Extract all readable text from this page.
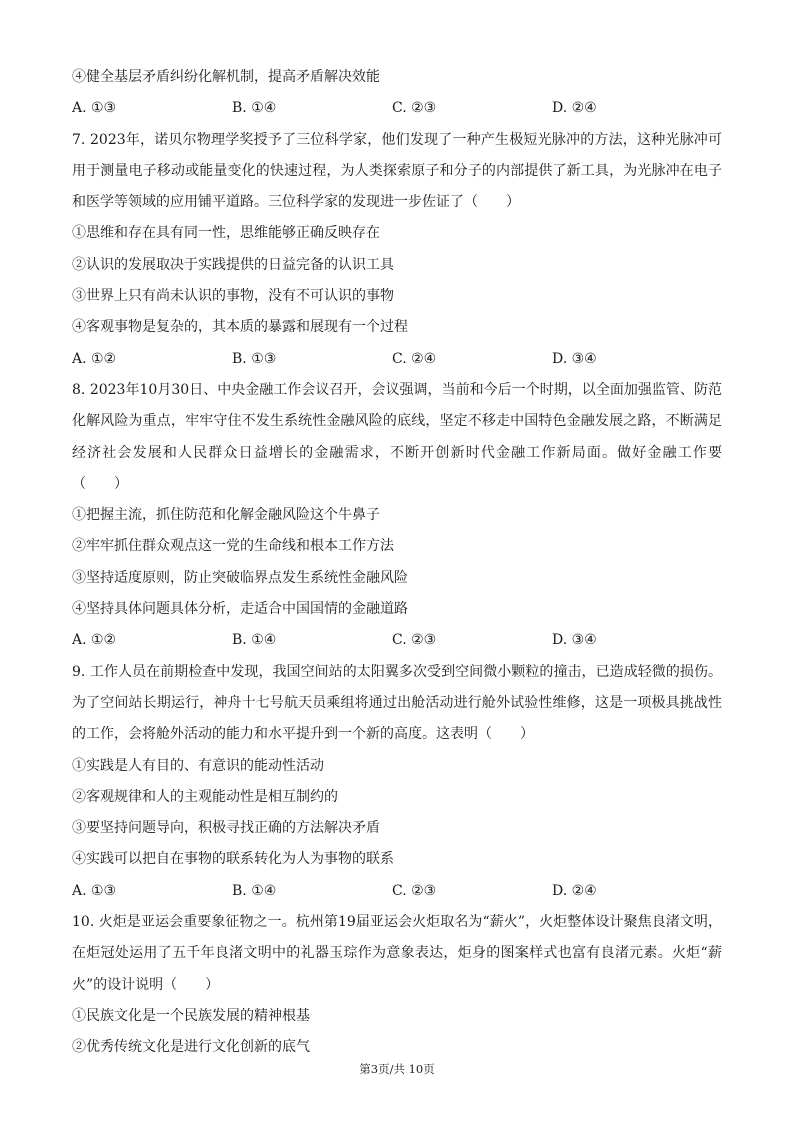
④健全基层矛盾纠纷化解机制，提高矛盾解决效能
A. ①③	B. ①④	C. ②③	D. ②④
7. 2023年，诺贝尔物理学奖授予了三位科学家，他们发现了一种产生极短光脉冲的方法，这种光脉冲可用于测量电子移动或能量变化的快速过程，为人类探索原子和分子的内部提供了新工具，为光脉冲在电子和医学等领域的应用铺平道路。三位科学家的发现进一步佐证了（　　）
①思维和存在具有同一性，思维能够正确反映存在
②认识的发展取决于实践提供的日益完备的认识工具
③世界上只有尚未认识的事物，没有不可认识的事物
④客观事物是复杂的，其本质的暴露和展现有一个过程
A. ①②	B. ①③	C. ②④	D. ③④
8. 2023年10月30日、中央金融工作会议召开，会议强调，当前和今后一个时期，以全面加强监管、防范化解风险为重点，牢牢守住不发生系统性金融风险的底线，坚定不移走中国特色金融发展之路，不断满足经济社会发展和人民群众日益增长的金融需求，不断开创新时代金融工作新局面。做好金融工作要（　　）
①把握主流，抓住防范和化解金融风险这个牛鼻子
②牢牢抓住群众观点这一党的生命线和根本工作方法
③坚持适度原则，防止突破临界点发生系统性金融风险
④坚持具体问题具体分析，走适合中国国情的金融道路
A. ①②	B. ①④	C. ②③	D. ③④
9. 工作人员在前期检查中发现，我国空间站的太阳翼多次受到空间微小颗粒的撞击，已造成轻微的损伤。为了空间站长期运行，神舟十七号航天员乘组将通过出舱活动进行舱外试验性维修，这是一项极具挑战性的工作，会将舱外活动的能力和水平提升到一个新的高度。这表明（　　）
①实践是人有目的、有意识的能动性活动
②客观规律和人的主观能动性是相互制约的
③要坚持问题导向，积极寻找正确的方法解决矛盾
④实践可以把自在事物的联系转化为人为事物的联系
A. ①③	B. ①④	C. ②③	D. ②④
10. 火炬是亚运会重要象征物之一。杭州第19届亚运会火炬取名为“薪火”，火炬整体设计聚焦良渚文明，在炬冠处运用了五千年良渚文明中的礼器玉琮作为意象表达，炬身的图案样式也富有良渚元素。火炬“薪火”的设计说明（　　）
①民族文化是一个民族发展的精神根基
②优秀传统文化是进行文化创新的底气
第3页/共 10页
